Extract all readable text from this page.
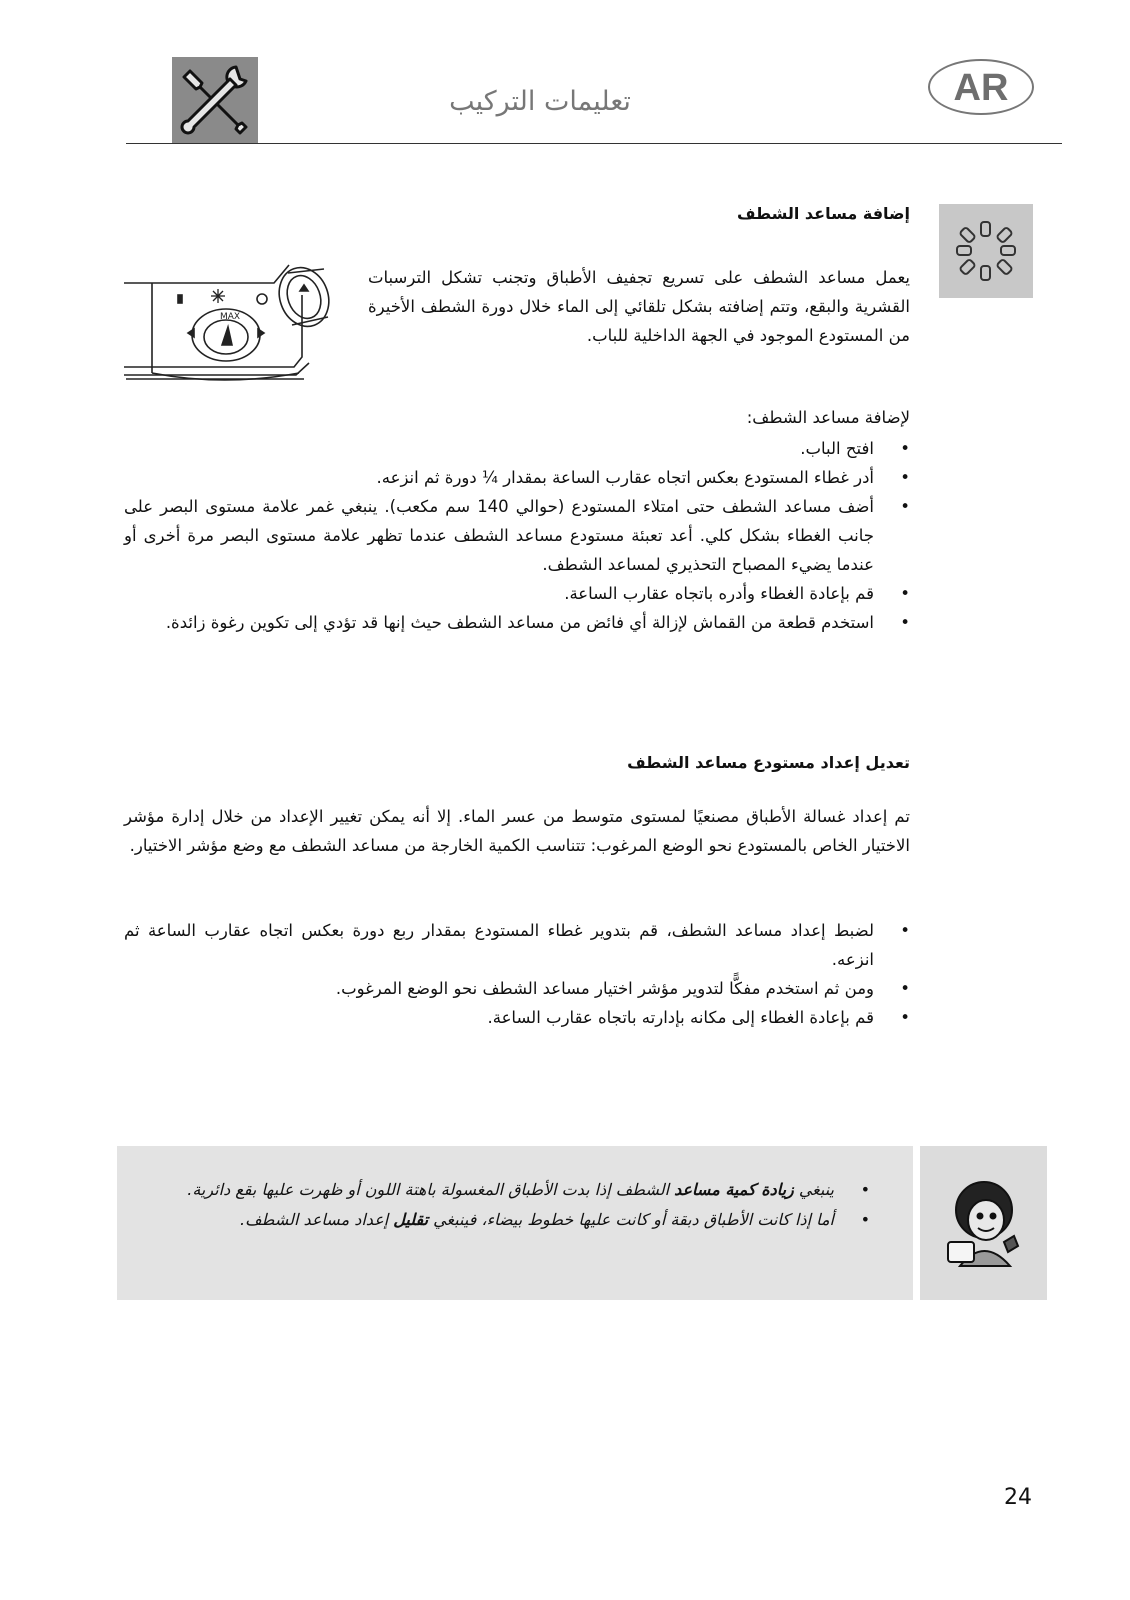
تعليمات التركيب	AR
إضافة مساعد الشطف
يعمل مساعد الشطف على تسريع تجفيف الأطباق وتجنب تشكل الترسبات القشرية والبقع، وتتم إضافته بشكل تلقائي إلى الماء خلال دورة الشطف الأخيرة من المستودع الموجود في الجهة الداخلية للباب.
MAX
لإضافة مساعد الشطف:
• افتح الباب.
• أدر غطاء المستودع بعكس اتجاه عقارب الساعة بمقدار ¼ دورة ثم انزعه.
• أضف مساعد الشطف حتى امتلاء المستودع (حوالي 140 سم مكعب). ينبغي غمر علامة مستوى البصر على جانب الغطاء بشكل كلي. أعد تعبئة مستودع مساعد الشطف عندما تظهر علامة مستوى البصر مرة أخرى أو عندما يضيء المصباح التحذيري لمساعد الشطف.
• قم بإعادة الغطاء وأدره باتجاه عقارب الساعة.
• استخدم قطعة من القماش لإزالة أي فائض من مساعد الشطف حيث إنها قد تؤدي إلى تكوين رغوة زائدة.
تعديل إعداد مستودع مساعد الشطف
تم إعداد غسالة الأطباق مصنعيًا لمستوى متوسط من عسر الماء. إلا أنه يمكن تغيير الإعداد من خلال إدارة مؤشر الاختيار الخاص بالمستودع نحو الوضع المرغوب: تتناسب الكمية الخارجة من مساعد الشطف مع وضع مؤشر الاختيار.
• لضبط إعداد مساعد الشطف، قم بتدوير غطاء المستودع بمقدار ربع دورة بعكس اتجاه عقارب الساعة ثم انزعه.
• ومن ثم استخدم مفكًّا لتدوير مؤشر اختيار مساعد الشطف نحو الوضع المرغوب.
• قم بإعادة الغطاء إلى مكانه بإدارته باتجاه عقارب الساعة.
• ينبغي زيادة كمية مساعد الشطف إذا بدت الأطباق المغسولة باهتة اللون أو ظهرت عليها بقع دائرية.
• أما إذا كانت الأطباق دبقة أو كانت عليها خطوط بيضاء، فينبغي تقليل إعداد مساعد الشطف.
24
